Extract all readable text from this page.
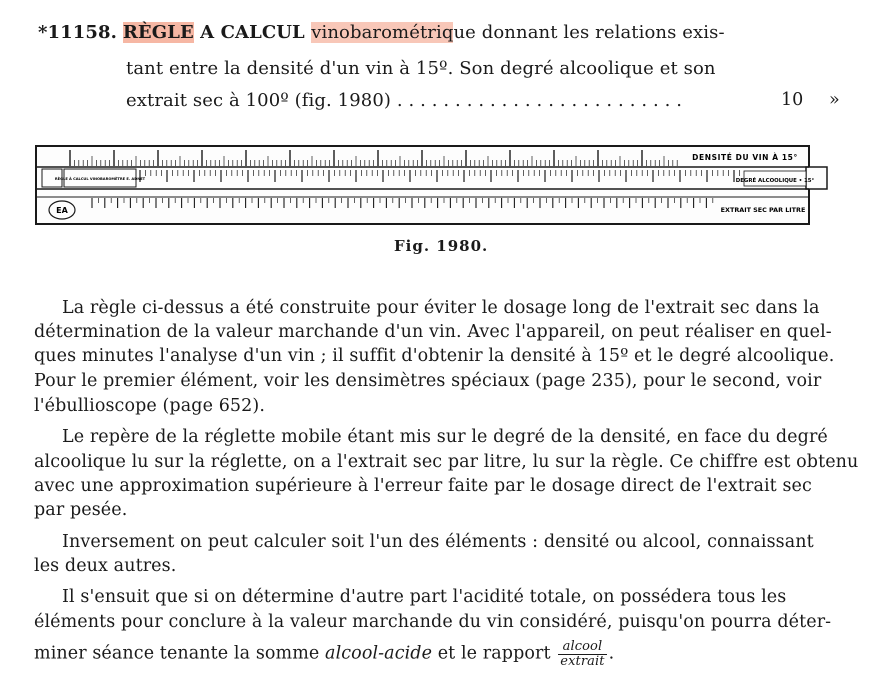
*11158. RÈGLE A CALCUL vinobarométrique donnant les relations exis-
tant entre la densité d'un vin à 15º. Son degré alcoolique et son
extrait sec à 100º (fig. 1980) . . . . . . . . . . . . . . . . . . . . . . . . .	10 »
DENSITÉ DU VIN À 15°
DEGRÉ ALCOOLIQUE • 15°
EXTRAIT SEC PAR LITRE
RÈGLE À CALCUL VINOBAROMÈTRE E. ADNET
EA
Fig. 1980.
La règle ci-dessus a été construite pour éviter le dosage long de l'extrait sec dans la
détermination de la valeur marchande d'un vin. Avec l'appareil, on peut réaliser en quel-
ques minutes l'analyse d'un vin ; il suffit d'obtenir la densité à 15º et le degré alcoolique.
Pour le premier élément, voir les densimètres spéciaux (page 235), pour le second, voir
l'ébullioscope (page 652).
Le repère de la réglette mobile étant mis sur le degré de la densité, en face du degré
alcoolique lu sur la réglette, on a l'extrait sec par litre, lu sur la règle. Ce chiffre est obtenu
avec une approximation supérieure à l'erreur faite par le dosage direct de l'extrait sec
par pesée.
Inversement on peut calculer soit l'un des éléments : densité ou alcool, connaissant
les deux autres.
Il s'ensuit que si on détermine d'autre part l'acidité totale, on possédera tous les
éléments pour conclure à la valeur marchande du vin considéré, puisqu'on pourra déter-
miner séance tenante la somme alcool-acide et le rapport $\frac{\text{alcool}}{\text{extrait}}$ .
